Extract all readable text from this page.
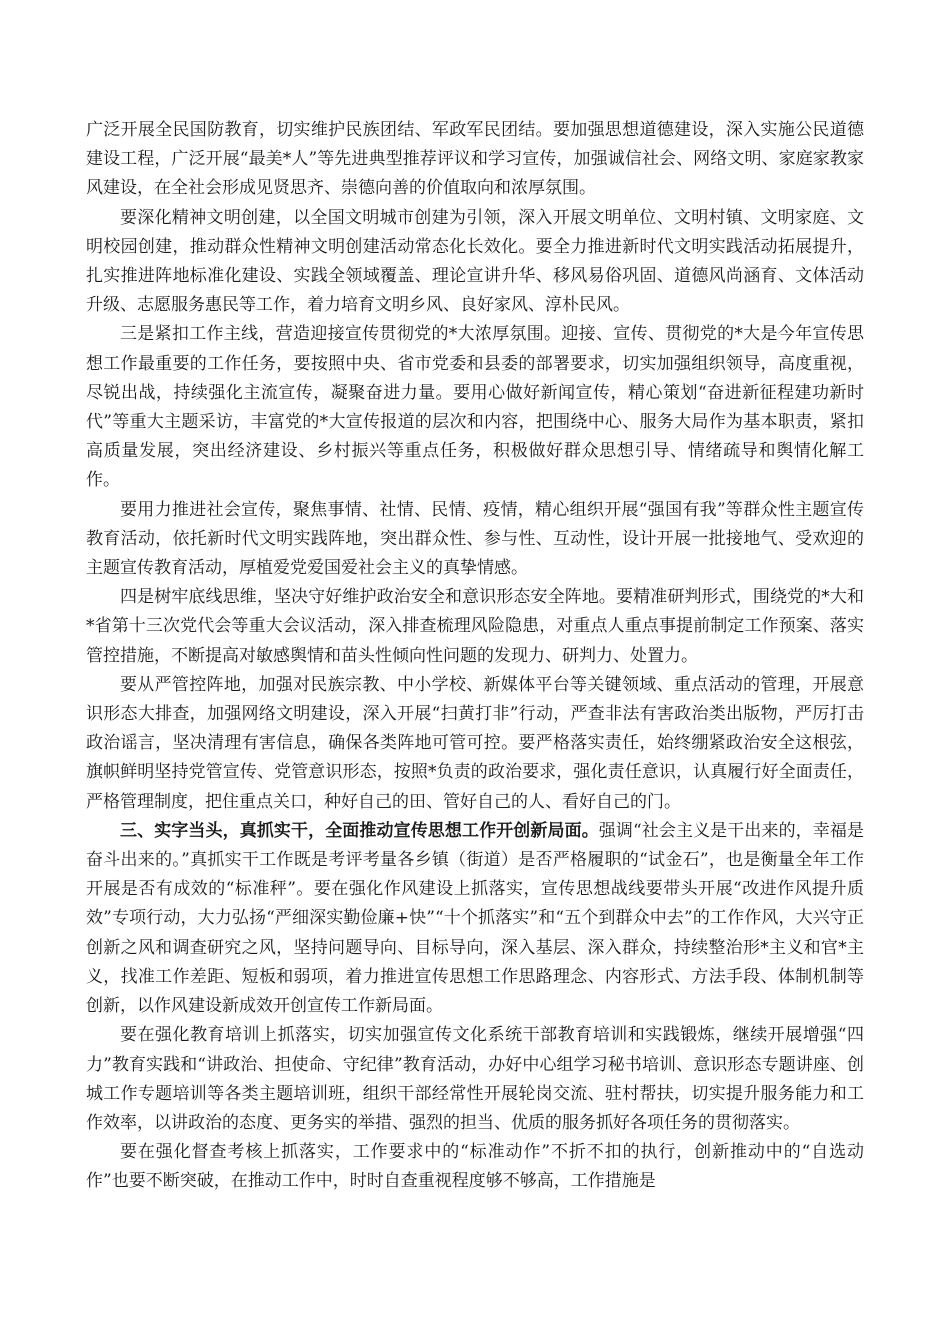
广泛开展全民国防教育，切实维护民族团结、军政军民团结。要加强思想道德建设，深入实施公民道德建设工程，广泛开展“最美*人”等先进典型推荐评议和学习宣传，加强诚信社会、网络文明、家庭家教家风建设，在全社会形成见贤思齐、崇德向善的价值取向和浓厚氛围。

要深化精神文明创建，以全国文明城市创建为引领，深入开展文明单位、文明村镇、文明家庭、文明校园创建，推动群众性精神文明创建活动常态化长效化。要全力推进新时代文明实践活动拓展提升，扎实推进阵地标准化建设、实践全领域覆盖、理论宣讲升华、移风易俗巩固、道德风尚涵育、文体活动升级、志愿服务惠民等工作，着力培育文明乡风、良好家风、淳朴民风。

三是紧扣工作主线，营造迎接宣传贯彻党的*大浓厚氛围。迎接、宣传、贯彻党的*大是今年宣传思想工作最重要的工作任务，要按照中央、省市党委和县委的部署要求，切实加强组织领导，高度重视，尽锐出战，持续强化主流宣传，凝聚奋进力量。要用心做好新闻宣传，精心策划“奋进新征程建功新时代”等重大主题采访，丰富党的*大宣传报道的层次和内容，把围绕中心、服务大局作为基本职责，紧扣高质量发展，突出经济建设、乡村振兴等重点任务，积极做好群众思想引导、情绪疏导和舆情化解工作。

要用力推进社会宣传，聚焦事情、社情、民情、疫情，精心组织开展“强国有我”等群众性主题宣传教育活动，依托新时代文明实践阵地，突出群众性、参与性、互动性，设计开展一批接地气、受欢迎的主题宣传教育活动，厚植爱党爱国爱社会主义的真挚情感。

四是树牢底线思维，坚决守好维护政治安全和意识形态安全阵地。要精准研判形式，围绕党的*大和*省第十三次党代会等重大会议活动，深入排查梳理风险隐患，对重点人重点事提前制定工作预案、落实管控措施，不断提高对敏感舆情和苗头性倾向性问题的发现力、研判力、处置力。

要从严管控阵地，加强对民族宗教、中小学校、新媒体平台等关键领域、重点活动的管理，开展意识形态大排查，加强网络文明建设，深入开展“扫黄打非”行动，严查非法有害政治类出版物，严厉打击政治谣言，坚决清理有害信息，确保各类阵地可管可控。要严格落实责任，始终绷紧政治安全这根弦，旗帜鲜明坚持党管宣传、党管意识形态，按照*负责的政治要求，强化责任意识，认真履行好全面责任，严格管理制度，把住重点关口，种好自己的田、管好自己的人、看好自己的门。

三、实字当头，真抓实干，全面推动宣传思想工作开创新局面。强调“社会主义是干出来的，幸福是奋斗出来的。”真抓实干工作既是考评考量各乡镇（街道）是否严格履职的“试金石”，也是衡量全年工作开展是否有成效的“标准秤”。要在强化作风建设上抓落实，宣传思想战线要带头开展“改进作风提升质效”专项行动，大力弘扬“严细深实勤俭廉+快”“十个抓落实”和“五个到群众中去”的工作作风，大兴守正创新之风和调查研究之风，坚持问题导向、目标导向，深入基层、深入群众，持续整治形*主义和官*主义，找准工作差距、短板和弱项，着力推进宣传思想工作思路理念、内容形式、方法手段、体制机制等创新，以作风建设新成效开创宣传工作新局面。

要在强化教育培训上抓落实，切实加强宣传文化系统干部教育培训和实践锻炼，继续开展增强“四力”教育实践和“讲政治、担使命、守纪律”教育活动，办好中心组学习秘书培训、意识形态专题讲座、创城工作专题培训等各类主题培训班，组织干部经常性开展轮岗交流、驻村帮扶，切实提升服务能力和工作效率，以讲政治的态度、更务实的举措、强烈的担当、优质的服务抓好各项任务的贯彻落实。

要在强化督查考核上抓落实，工作要求中的“标准动作”不折不扣的执行，创新推动中的“自选动作”也要不断突破，在推动工作中，时时自查重视程度够不够高，工作措施是
